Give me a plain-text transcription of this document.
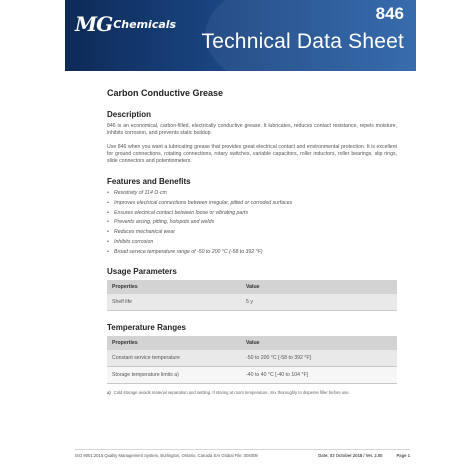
MG Chemicals
846
Technical Data Sheet
Carbon Conductive Grease
Description

846 is an economical, carbon-filled, electrically conductive grease. It lubricates, reduces contact resistance, repels moisture, inhibits corrosion, and prevents static buildup.

Use 846 when you want a lubricating grease that provides great electrical contact and environmental protection. It is excellent for ground connections, rotating connections, rotary switches, variable capacitors, roller inductors, roller bearings, slip rings, slide connectors and potentiometers.

Features and Benefits
• Resistivity of 114 Ω·cm
• Improves electrical connections between irregular, pitted or corroded surfaces
• Ensures electrical contact between loose or vibrating parts
• Prevents arcing, pitting, hotspots and welds
• Reduces mechanical wear
• Inhibits corrosion
• Broad service temperature range of -50 to 200 °C (-58 to 392 °F)
Usage Parameters
Properties	Value
Shelf life	5 y
Temperature Ranges
Properties	Value
Constant service temperature	-50 to 200 °C [-58 to 392 °F]
Storage temperature limits a)	-40 to 40 °C [-40 to 104 °F]
a) Cold storage avoids material separation and settling. If storing at room temperature, mix thoroughly to disperse filler before use.
ISO 9001:2015 Quality Management System, Burlington, Ontario, Canada SAI Global File: 004008	Date: 03 October 2018 / Ver. 2.00	Page 1
